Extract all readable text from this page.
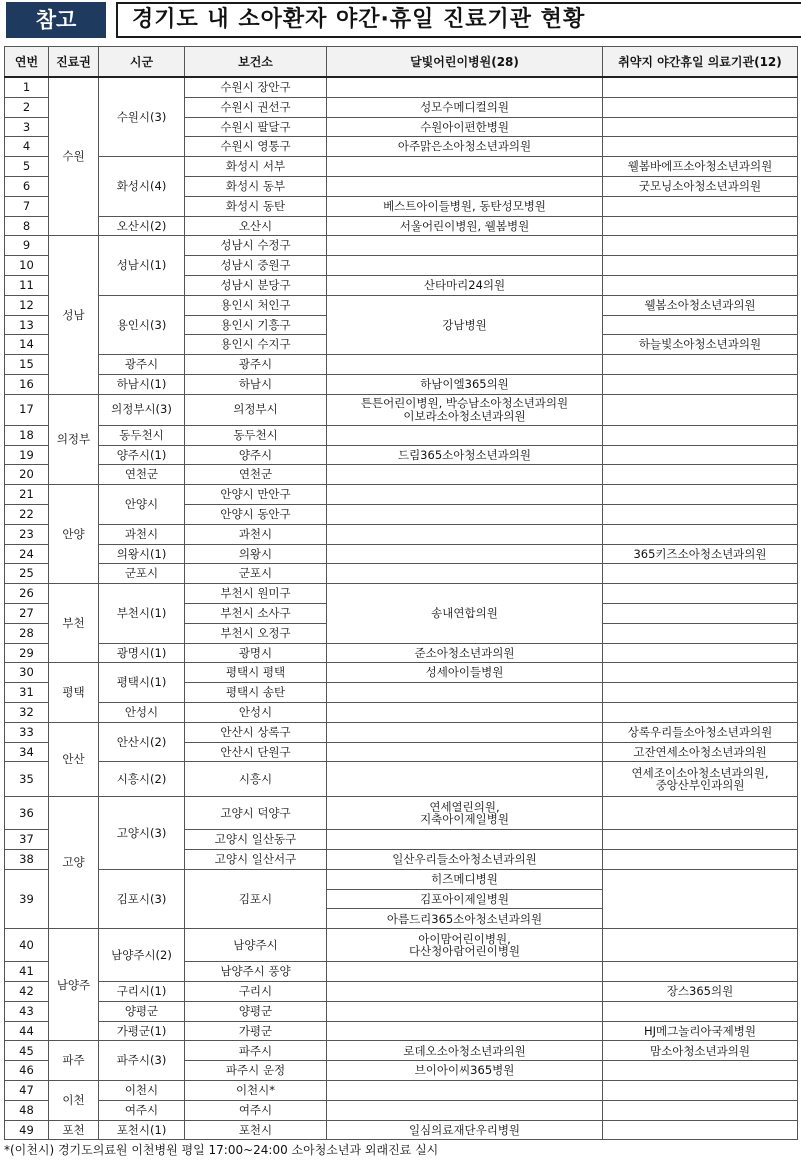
참고	경기도 내 소아환자 야간·휴일 진료기관 현황
연번	진료권	시군	보건소	달빛어린이병원(28)	취약지 야간휴일 의료기관(12)
1	수원	수원시(3)	수원시 장안구		
2			수원시 권선구	성모수메디컬의원	
3			수원시 팔달구	수원아이편한병원	
4			수원시 영통구	아주맑은소아청소년과의원	
5		화성시(4)	화성시 서부		웰봄바에프소아청소년과의원
6			화성시 동부		굿모닝소아청소년과의원
7			화성시 동탄	베스트아이들병원, 동탄성모병원	
8		오산시(2)	오산시	서울어린이병원, 웰봄병원	
9	성남	성남시(1)	성남시 수정구		
10			성남시 중원구		
11			성남시 분당구	산타마리24의원	
12		용인시(3)	용인시 처인구	강남병원	웰봄소아청소년과의원
13			용인시 기흥구		
14			용인시 수지구		하늘빛소아청소년과의원
15		광주시	광주시		
16		하남시(1)	하남시	하남이엘365의원	
17	의정부	의정부시(3)	의정부시	튼튼어린이병원, 박승남소아청소년과의원
이보라소아청소년과의원	

18		동두천시	동두천시		
19		양주시(1)	양주시	드림365소아청소년과의원	
20		연천군	연천군		
21	안양	안양시	안양시 만안구		
22			안양시 동안구		
23		과천시	과천시		
24		의왕시(1)	의왕시		365키즈소아청소년과의원
25		군포시	군포시		
26	부천	부천시(1)	부천시 원미구	송내연합의원	
27			부천시 소사구		
28			부천시 오정구		
29		광명시(1)	광명시	준소아청소년과의원	
30	평택	평택시(1)	평택시 평택	성세아이들병원	
31			평택시 송탄		
32		안성시	안성시		
33	안산	안산시(2)	안산시 상록구		상록우리들소아청소년과의원
34			안산시 단원구		고잔연세소아청소년과의원
35		시흥시(2)	시흥시		연세조이소아청소년과의원,
중앙산부인과의원

36	고양	고양시(3)	고양시 덕양구	연세열린의원,
지축아이제일병원	

37			고양시 일산동구		
38			고양시 일산서구	일산우리들소아청소년과의원	
39		김포시(3)	김포시	히즈메디병원	
				김포아이제일병원	
				아름드리365소아청소년과의원	
40	남양주	남양주시(2)	남양주시	아이맘어린이병원,
다산청아람어린이병원	

41			남양주시 풍양		
42		구리시(1)	구리시		장스365의원
43		양평군	양평군		
44		가평군(1)	가평군		HJ메그놀리아국제병원
45	파주	파주시(3)	파주시	로데오소아청소년과의원	맘소아청소년과의원
46			파주시 운정	브이아이씨365병원	
47	이천	이천시	이천시*		
48		여주시	여주시		
49	포천	포천시(1)	포천시	일심의료재단우리병원	
*(이천시) 경기도의료원 이천병원 평일 17:00~24:00 소아청소년과 외래진료 실시
